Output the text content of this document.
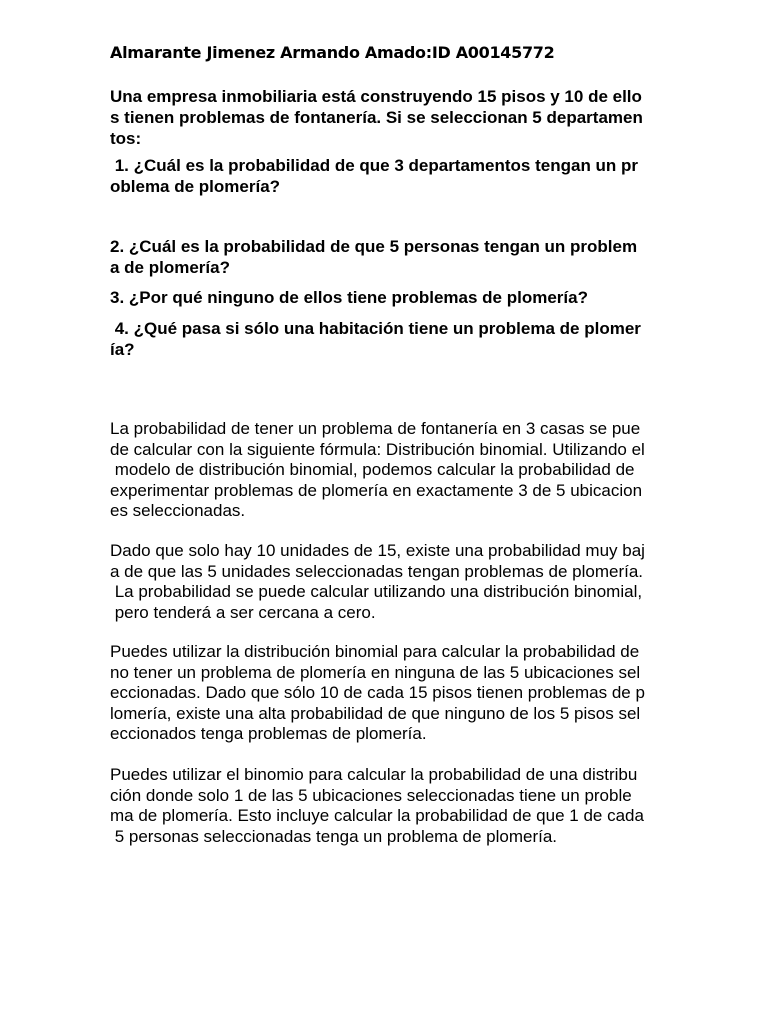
Almarante Jimenez Armando Amado:ID A00145772
Una empresa inmobiliaria está construyendo 15 pisos y 10 de ello
s tienen problemas de fontanería. Si se seleccionan 5 departamen
tos:
1. ¿Cuál es la probabilidad de que 3 departamentos tengan un pr
oblema de plomería?
2. ¿Cuál es la probabilidad de que 5 personas tengan un problem
a de plomería?
3. ¿Por qué ninguno de ellos tiene problemas de plomería?
4. ¿Qué pasa si sólo una habitación tiene un problema de plomer
ía?
La probabilidad de tener un problema de fontanería en 3 casas se pue
de calcular con la siguiente fórmula: Distribución binomial. Utilizando el
modelo de distribución binomial, podemos calcular la probabilidad de
experimentar problemas de plomería en exactamente 3 de 5 ubicacion
es seleccionadas.
Dado que solo hay 10 unidades de 15, existe una probabilidad muy baj
a de que las 5 unidades seleccionadas tengan problemas de plomería.
La probabilidad se puede calcular utilizando una distribución binomial,
pero tenderá a ser cercana a cero.
Puedes utilizar la distribución binomial para calcular la probabilidad de
no tener un problema de plomería en ninguna de las 5 ubicaciones sel
eccionadas. Dado que sólo 10 de cada 15 pisos tienen problemas de p
lomería, existe una alta probabilidad de que ninguno de los 5 pisos sel
eccionados tenga problemas de plomería.
Puedes utilizar el binomio para calcular la probabilidad de una distribu
ción donde solo 1 de las 5 ubicaciones seleccionadas tiene un proble
ma de plomería. Esto incluye calcular la probabilidad de que 1 de cada
5 personas seleccionadas tenga un problema de plomería.
